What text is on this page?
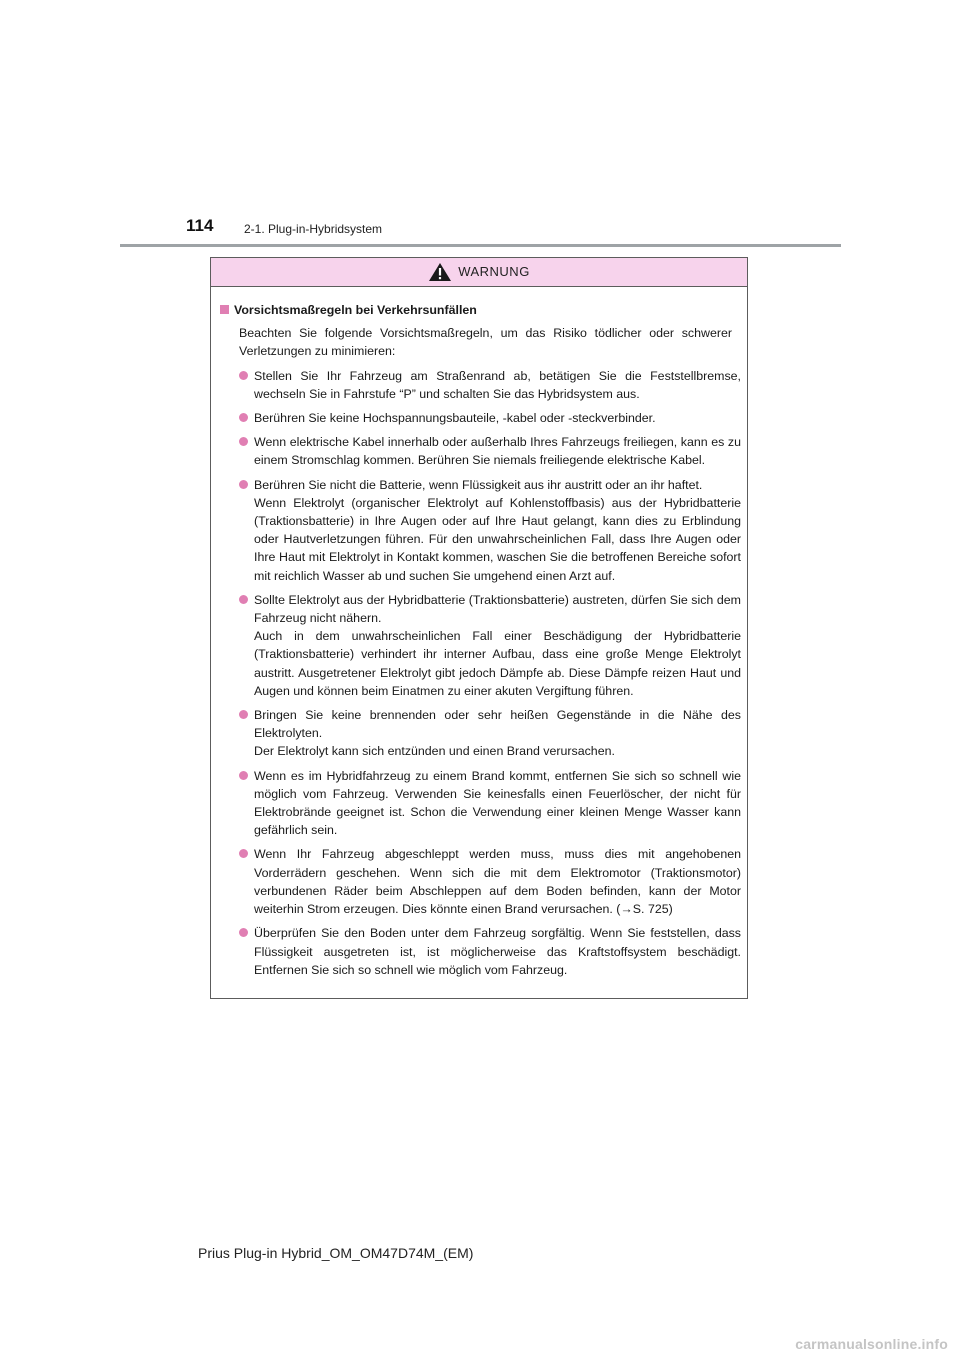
114	2-1. Plug-in-Hybridsystem
WARNUNG
Vorsichtsmaßregeln bei Verkehrsunfällen
Beachten Sie folgende Vorsichtsmaßregeln, um das Risiko tödlicher oder schwerer Verletzungen zu minimieren:
Stellen Sie Ihr Fahrzeug am Straßenrand ab, betätigen Sie die Feststellbremse, wechseln Sie in Fahrstufe “P” und schalten Sie das Hybridsystem aus.
Berühren Sie keine Hochspannungsbauteile, -kabel oder -steckverbinder.
Wenn elektrische Kabel innerhalb oder außerhalb Ihres Fahrzeugs freiliegen, kann es zu einem Stromschlag kommen. Berühren Sie niemals freiliegende elektrische Kabel.
Berühren Sie nicht die Batterie, wenn Flüssigkeit aus ihr austritt oder an ihr haftet.
Wenn Elektrolyt (organischer Elektrolyt auf Kohlenstoffbasis) aus der Hybridbatterie (Traktionsbatterie) in Ihre Augen oder auf Ihre Haut gelangt, kann dies zu Erblindung oder Hautverletzungen führen. Für den unwahrscheinlichen Fall, dass Ihre Augen oder Ihre Haut mit Elektrolyt in Kontakt kommen, waschen Sie die betroffenen Bereiche sofort mit reichlich Wasser ab und suchen Sie umgehend einen Arzt auf.
Sollte Elektrolyt aus der Hybridbatterie (Traktionsbatterie) austreten, dürfen Sie sich dem Fahrzeug nicht nähern.
Auch in dem unwahrscheinlichen Fall einer Beschädigung der Hybridbatterie (Traktionsbatterie) verhindert ihr interner Aufbau, dass eine große Menge Elektrolyt austritt. Ausgetretener Elektrolyt gibt jedoch Dämpfe ab. Diese Dämpfe reizen Haut und Augen und können beim Einatmen zu einer akuten Vergiftung führen.
Bringen Sie keine brennenden oder sehr heißen Gegenstände in die Nähe des Elektrolyten.
Der Elektrolyt kann sich entzünden und einen Brand verursachen.
Wenn es im Hybridfahrzeug zu einem Brand kommt, entfernen Sie sich so schnell wie möglich vom Fahrzeug. Verwenden Sie keinesfalls einen Feuerlöscher, der nicht für Elektrobrände geeignet ist. Schon die Verwendung einer kleinen Menge Wasser kann gefährlich sein.
Wenn Ihr Fahrzeug abgeschleppt werden muss, muss dies mit angehobenen Vorderrädern geschehen. Wenn sich die mit dem Elektromotor (Traktionsmotor) verbundenen Räder beim Abschleppen auf dem Boden befinden, kann der Motor weiterhin Strom erzeugen. Dies könnte einen Brand verursachen. (→S. 725)
Überprüfen Sie den Boden unter dem Fahrzeug sorgfältig. Wenn Sie feststellen, dass Flüssigkeit ausgetreten ist, ist möglicherweise das Kraftstoffsystem beschädigt. Entfernen Sie sich so schnell wie möglich vom Fahrzeug.
Prius Plug-in Hybrid_OM_OM47D74M_(EM)
carmanualsonline.info
